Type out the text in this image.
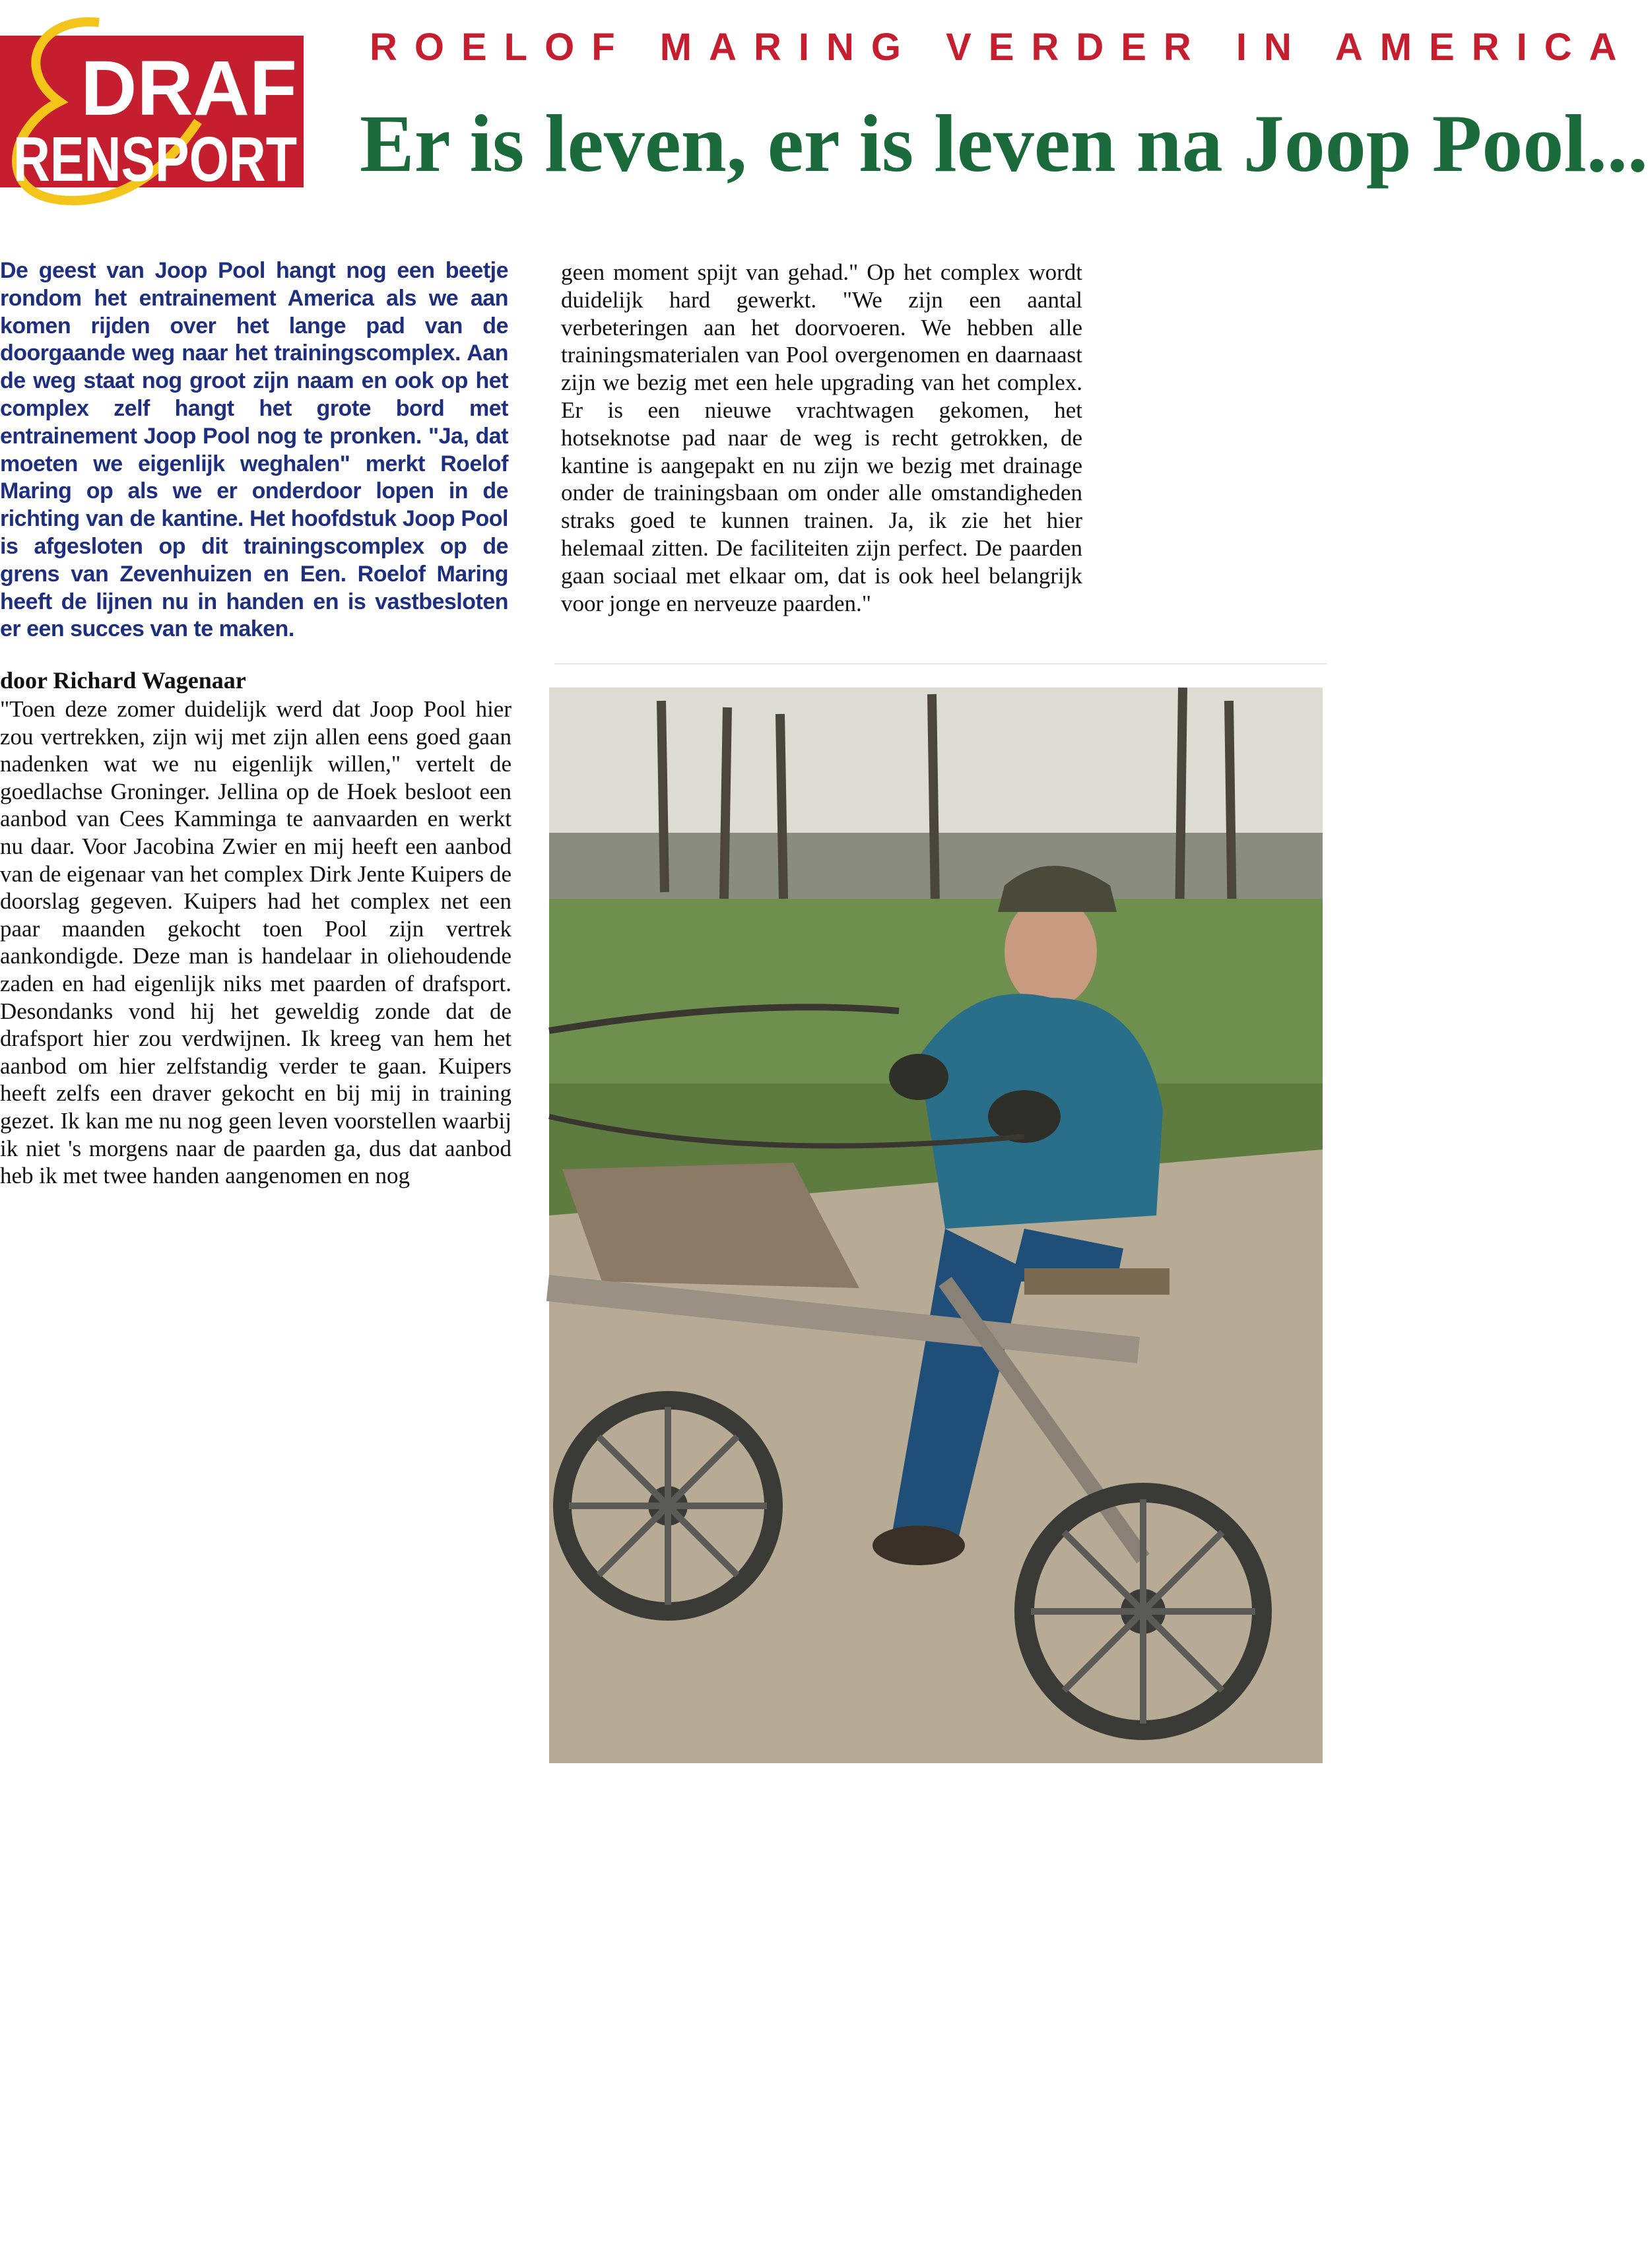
DRAF
RENSPORT
ROELOF MARING VERDER IN AMERICA
Er is leven, er is leven na Joop Pool...
De geest van Joop Pool hangt nog een beetje rondom het entrainement America als we aan komen rijden over het lange pad van de doorgaande weg naar het trainingscomplex. Aan de weg staat nog groot zijn naam en ook op het complex zelf hangt het grote bord met entrainement Joop Pool nog te pronken. "Ja, dat moeten we eigenlijk weghalen" merkt Roelof Maring op als we er onderdoor lopen in de richting van de kantine. Het hoofdstuk Joop Pool is afgesloten op dit trainingscomplex op de grens van Zevenhuizen en Een. Roelof Maring heeft de lijnen nu in handen en is vastbesloten er een succes van te maken.
door Richard Wagenaar
"Toen deze zomer duidelijk werd dat Joop Pool hier zou vertrekken, zijn wij met zijn allen eens goed gaan nadenken wat we nu eigenlijk willen," vertelt de goedlachse Groninger. Jellina op de Hoek besloot een aanbod van Cees Kamminga te aanvaarden en werkt nu daar. Voor Jacobina Zwier en mij heeft een aanbod van de eigenaar van het complex Dirk Jente Kuipers de doorslag gegeven. Kuipers had het complex net een paar maanden gekocht toen Pool zijn vertrek aankondigde. Deze man is handelaar in oliehoudende zaden en had eigenlijk niks met paarden of drafsport. Desondanks vond hij het geweldig zonde dat de drafsport hier zou verdwijnen. Ik kreeg van hem het aanbod om hier zelfstandig verder te gaan. Kuipers heeft zelfs een draver gekocht en bij mij in training gezet. Ik kan me nu nog geen leven voorstellen waarbij ik niet 's morgens naar de paarden ga, dus dat aanbod heb ik met twee handen aangenomen en nog
geen moment spijt van gehad." Op het complex wordt duidelijk hard gewerkt. "We zijn een aantal verbeteringen aan het doorvoeren. We hebben alle trainingsmaterialen van Pool overgenomen en daarnaast zijn we bezig met een hele upgrading van het complex. Er is een nieuwe vrachtwagen gekomen, het hotseknotse pad naar de weg is recht getrokken, de kantine is aangepakt en nu zijn we bezig met drainage onder de trainingsbaan om onder alle omstandigheden straks goed te kunnen trainen. Ja, ik zie het hier helemaal zitten. De faciliteiten zijn perfect. De paarden gaan sociaal met elkaar om, dat is ook heel belangrijk voor jonge en nerveuze paarden."
